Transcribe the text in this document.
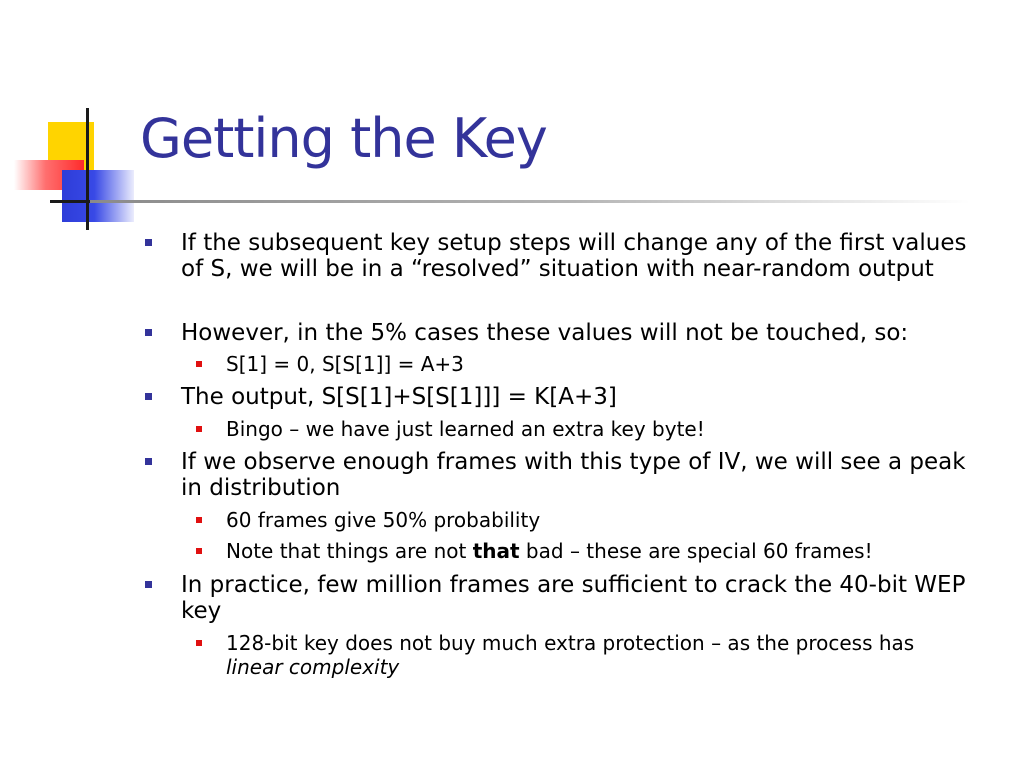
Getting the Key
If the subsequent key setup steps will change any of the first values of S, we will be in a “resolved” situation with near-random output
However, in the 5% cases these values will not be touched, so:
S[1] = 0, S[S[1]] = A+3
The output, S[S[1]+S[S[1]]] = K[A+3]
Bingo – we have just learned an extra key byte!
If we observe enough frames with this type of IV, we will see a peak in distribution
60 frames give 50% probability
Note that things are not that bad – these are special 60 frames!
In practice, few million frames are sufficient to crack the 40-bit WEP key
128-bit key does not buy much extra protection – as the process has linear complexity
